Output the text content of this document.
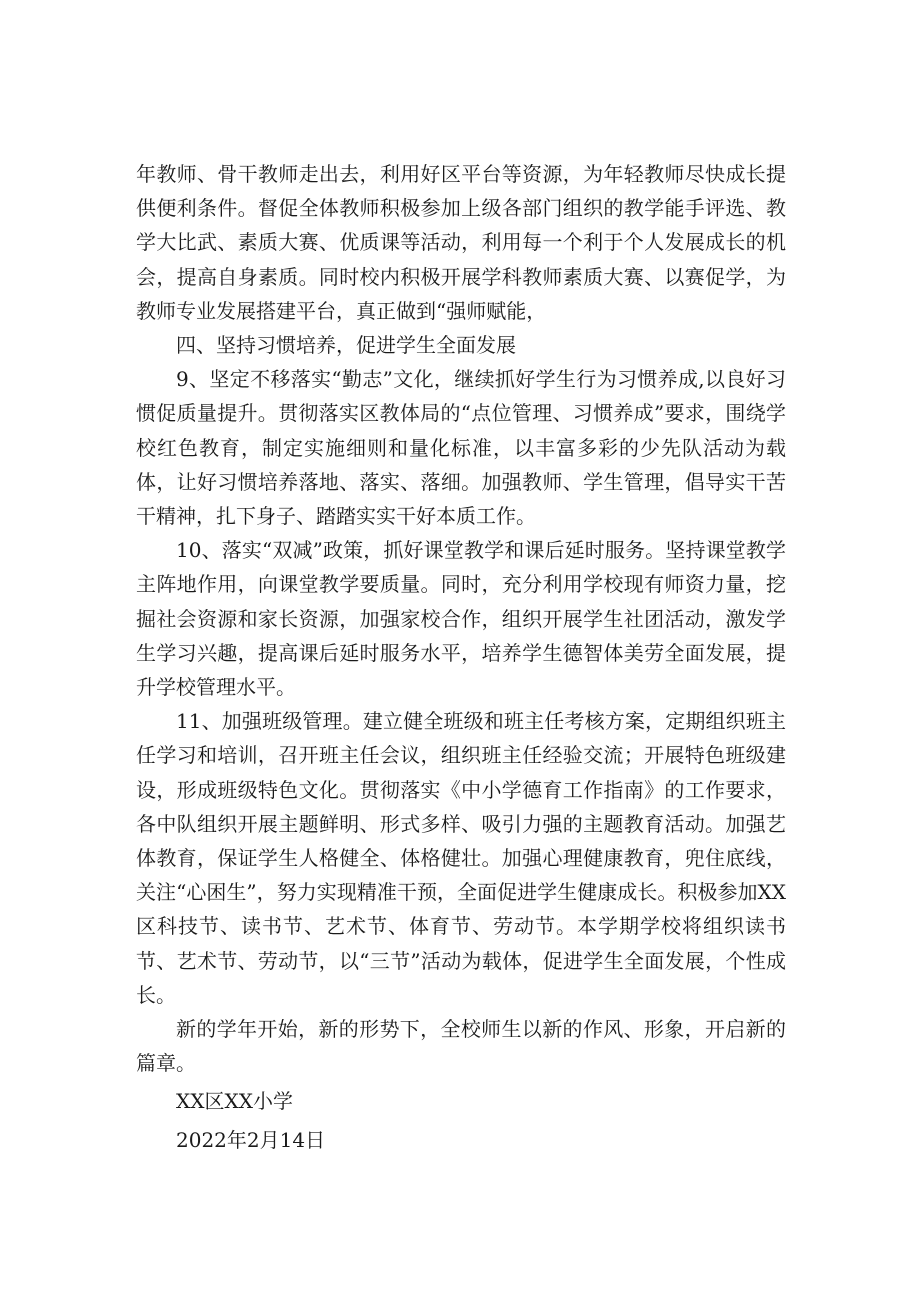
年教师、骨干教师走出去，利用好区平台等资源，为年轻教师尽快成长提供便利条件。督促全体教师积极参加上级各部门组织的教学能手评选、教学大比武、素质大赛、优质课等活动，利用每一个利于个人发展成长的机会，提高自身素质。同时校内积极开展学科教师素质大赛、以赛促学，为教师专业发展搭建平台，真正做到“强师赋能，

四、坚持习惯培养，促进学生全面发展

9、坚定不移落实“勤志”文化，继续抓好学生行为习惯养成,以良好习惯促质量提升。贯彻落实区教体局的“点位管理、习惯养成”要求，围绕学校红色教育，制定实施细则和量化标准，以丰富多彩的少先队活动为载体，让好习惯培养落地、落实、落细。加强教师、学生管理，倡导实干苦干精神，扎下身子、踏踏实实干好本质工作。

10、落实“双减”政策，抓好课堂教学和课后延时服务。坚持课堂教学主阵地作用，向课堂教学要质量。同时，充分利用学校现有师资力量，挖掘社会资源和家长资源，加强家校合作，组织开展学生社团活动，激发学生学习兴趣，提高课后延时服务水平，培养学生德智体美劳全面发展，提升学校管理水平。

11、加强班级管理。建立健全班级和班主任考核方案，定期组织班主任学习和培训，召开班主任会议，组织班主任经验交流；开展特色班级建设，形成班级特色文化。贯彻落实《中小学德育工作指南》的工作要求，各中队组织开展主题鲜明、形式多样、吸引力强的主题教育活动。加强艺体教育，保证学生人格健全、体格健壮。加强心理健康教育，兜住底线，关注“心困生”，努力实现精准干预，全面促进学生健康成长。积极参加XX区科技节、读书节、艺术节、体育节、劳动节。本学期学校将组织读书节、艺术节、劳动节，以“三节”活动为载体，促进学生全面发展，个性成长。

新的学年开始，新的形势下，全校师生以新的作风、形象，开启新的篇章。

XX区XX小学

2022年2月14日
